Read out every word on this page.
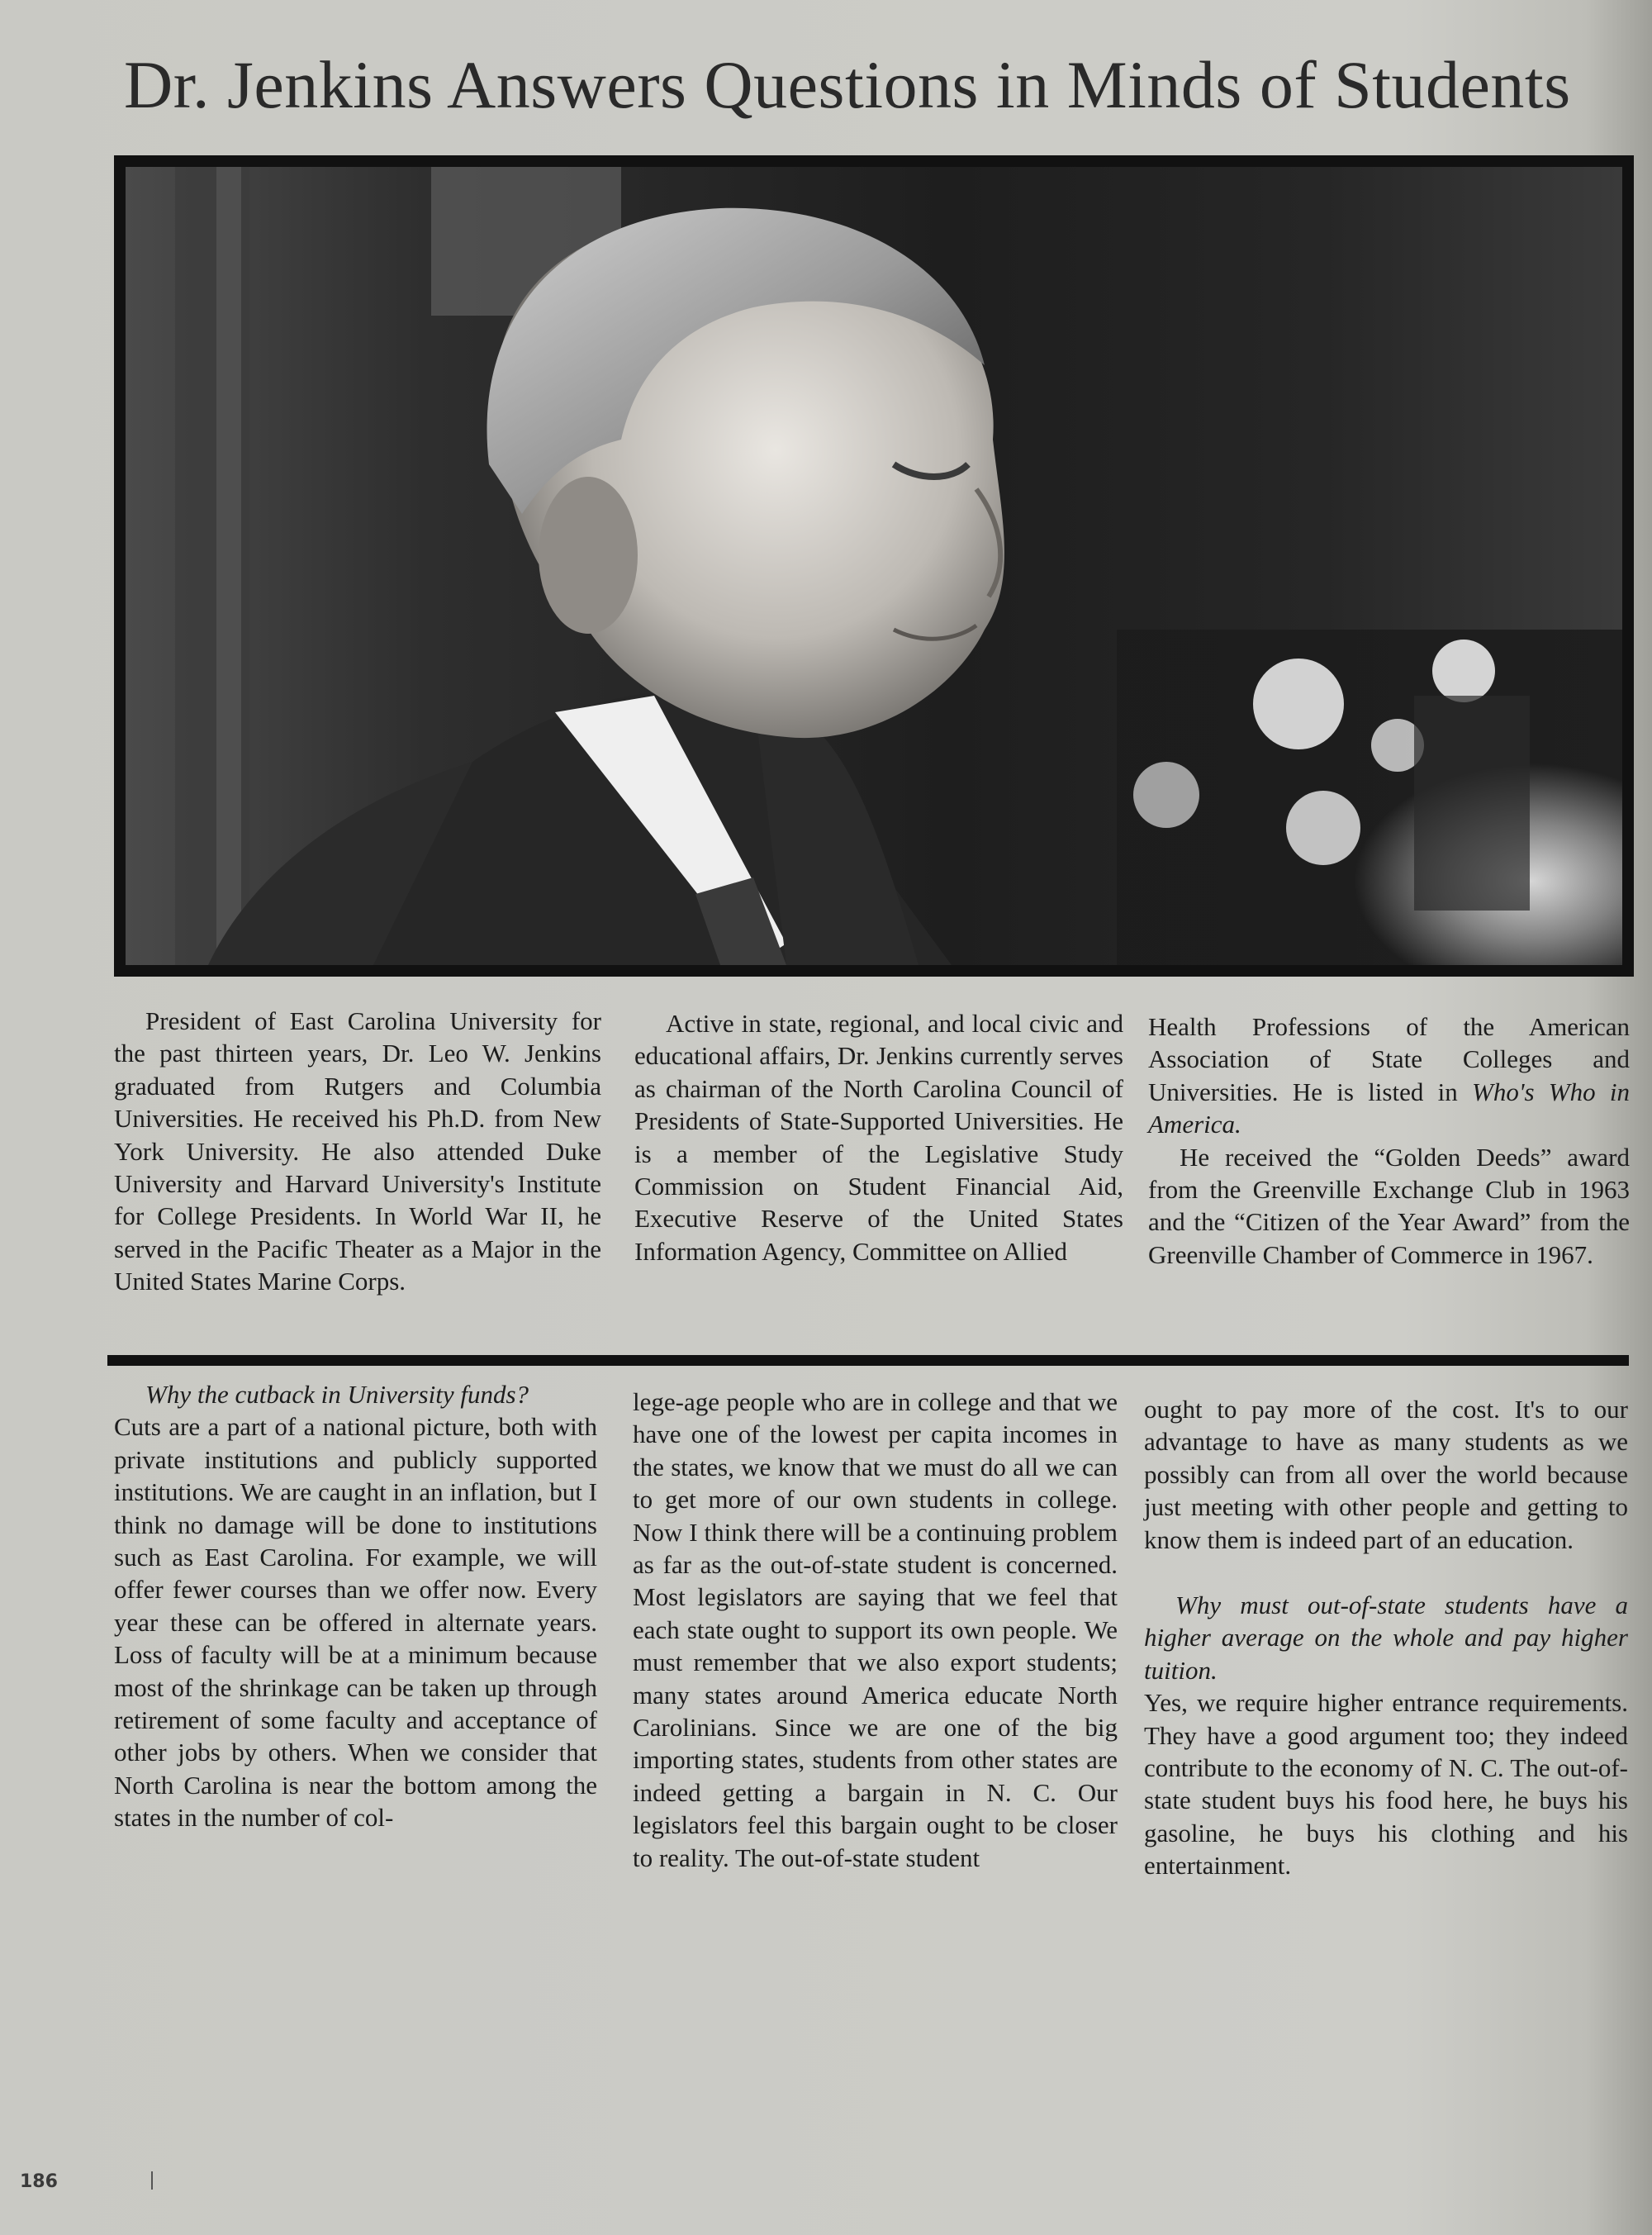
Dr. Jenkins Answers Questions in Minds of Students

President of East Carolina University for the past thirteen years, Dr. Leo W. Jenkins graduated from Rutgers and Columbia Universities. He received his Ph.D. from New York University. He also attended Duke University and Harvard University's Institute for College Presidents. In World War II, he served in the Pacific Theater as a Major in the United States Marine Corps.

Active in state, regional, and local civic and educational affairs, Dr. Jenkins currently serves as chairman of the North Carolina Council of Presidents of State-Supported Universities. He is a member of the Legislative Study Commission on Student Financial Aid, Executive Reserve of the United States Information Agency, Committee on Allied

Health Professions of the American Association of State Colleges and Universities. He is listed in Who's Who in America.

He received the “Golden Deeds” award from the Greenville Exchange Club in 1963 and the “Citizen of the Year Award” from the Greenville Chamber of Commerce in 1967.

Why the cutback in University funds?

Cuts are a part of a national picture, both with private institutions and publicly supported institutions. We are caught in an inflation, but I think no damage will be done to institutions such as East Carolina. For example, we will offer fewer courses than we offer now. Every year these can be offered in alternate years. Loss of faculty will be at a minimum because most of the shrinkage can be taken up through retirement of some faculty and acceptance of other jobs by others. When we consider that North Carolina is near the bottom among the states in the number of col-

lege-age people who are in college and that we have one of the lowest per capita incomes in the states, we know that we must do all we can to get more of our own students in college. Now I think there will be a continuing problem as far as the out-of-state student is concerned. Most legislators are saying that we feel that each state ought to support its own people. We must remember that we also export students; many states around America educate North Carolinians. Since we are one of the big importing states, students from other states are indeed getting a bargain in N. C. Our legislators feel this bargain ought to be closer to reality. The out-of-state student

ought to pay more of the cost. It's to our advantage to have as many students as we possibly can from all over the world because just meeting with other people and getting to know them is indeed part of an education.

Why must out-of-state students have a higher average on the whole and pay higher tuition.

Yes, we require higher entrance requirements. They have a good argument too; they indeed contribute to the economy of N. C. The out-of-state student buys his food here, he buys his gasoline, he buys his clothing and his entertainment.

186
